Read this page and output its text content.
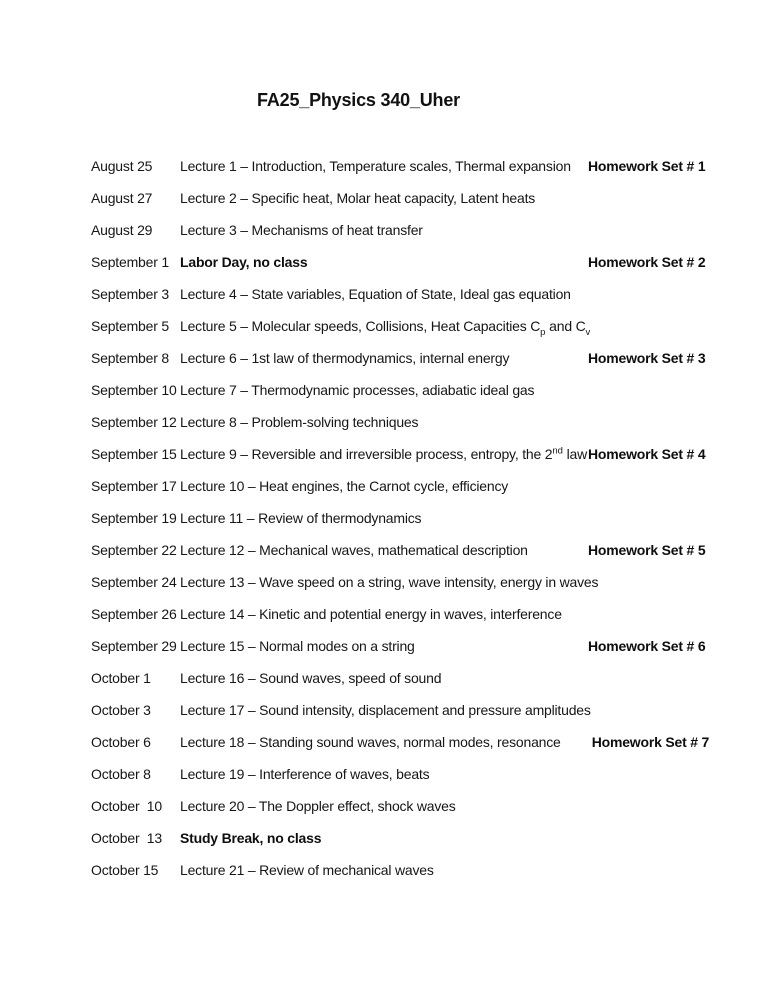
FA25_Physics 340_Uher
August 25	Lecture 1 – Introduction, Temperature scales, Thermal expansion	Homework Set # 1
August 27	Lecture 2 – Specific heat, Molar heat capacity, Latent heats
August 29	Lecture 3 – Mechanisms of heat transfer
September 1 Labor Day, no class	Homework Set # 2
September 3 Lecture 4 – State variables, Equation of State, Ideal gas equation
September 5 Lecture 5 – Molecular speeds, Collisions, Heat Capacities $C_p$ and $C_v$
September 8 Lecture 6 – 1st law of thermodynamics, internal energy	Homework Set # 3
September 10 Lecture 7 – Thermodynamic processes, adiabatic ideal gas
September 12 Lecture 8 – Problem-solving techniques
September 15 Lecture 9 – Reversible and irreversible process, entropy, the 2nd law Homework Set # 4
September 17 Lecture 10 – Heat engines, the Carnot cycle, efficiency
September 19 Lecture 11 – Review of thermodynamics
September 22 Lecture 12 – Mechanical waves, mathematical description	Homework Set # 5
September 24 Lecture 13 – Wave speed on a string, wave intensity, energy in waves
September 26 Lecture 14 – Kinetic and potential energy in waves, interference
September 29 Lecture 15 – Normal modes on a string	Homework Set # 6
October 1	Lecture 16 – Sound waves, speed of sound
October 3	Lecture 17 – Sound intensity, displacement and pressure amplitudes
October 6	Lecture 18 – Standing sound waves, normal modes, resonance	Homework Set # 7
October 8	Lecture 19 – Interference of waves, beats
October  10	Lecture 20 – The Doppler effect, shock waves
October  13	Study Break, no class
October 15	Lecture 21 – Review of mechanical waves
